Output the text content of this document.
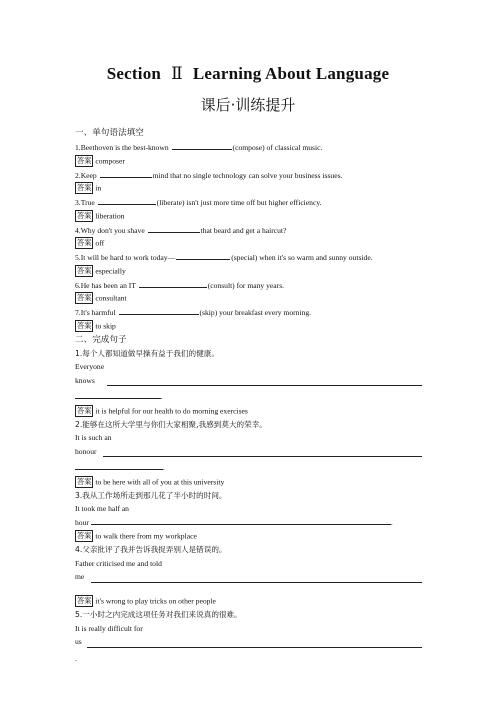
Section Ⅱ Learning About Language
课后·训练提升
一、单句语法填空
1.Beethoven is the best-known	(compose) of classical music.
答案 composer
2.Keep	mind that no single technology can solve your business issues.
答案 in
3.True	(liberate) isn't just more time off but higher efficiency.
答案 liberation
4.Why don't you shave	that beard and get a haircut?
答案 off
5.It will be hard to work today—	(special) when it's so warm and sunny outside.
答案 especially
6.He has been an IT	(consult) for many years.
答案 consultant
7.It's harmful	(skip) your breakfast every morning.
答案 to skip
二、完成句子
1.每个人都知道做早操有益于我们的健康。
Everyone
knows
.
答案 it is helpful for our health to do morning exercises
2.能够在这所大学里与你们大家相聚,我感到莫大的荣幸。
It is such an
honour
.
答案 to be here with all of you at this university
3.我从工作场所走到那儿花了半小时的时间。
It took me half an
hour	.
答案 to walk there from my workplace
4.父亲批评了我并告诉我捉弄别人是错误的。
Father criticised me and told
me
答案 it's wrong to play tricks on other people
5.一小时之内完成这项任务对我们来说真的很难。
It is really difficult for
us
.
